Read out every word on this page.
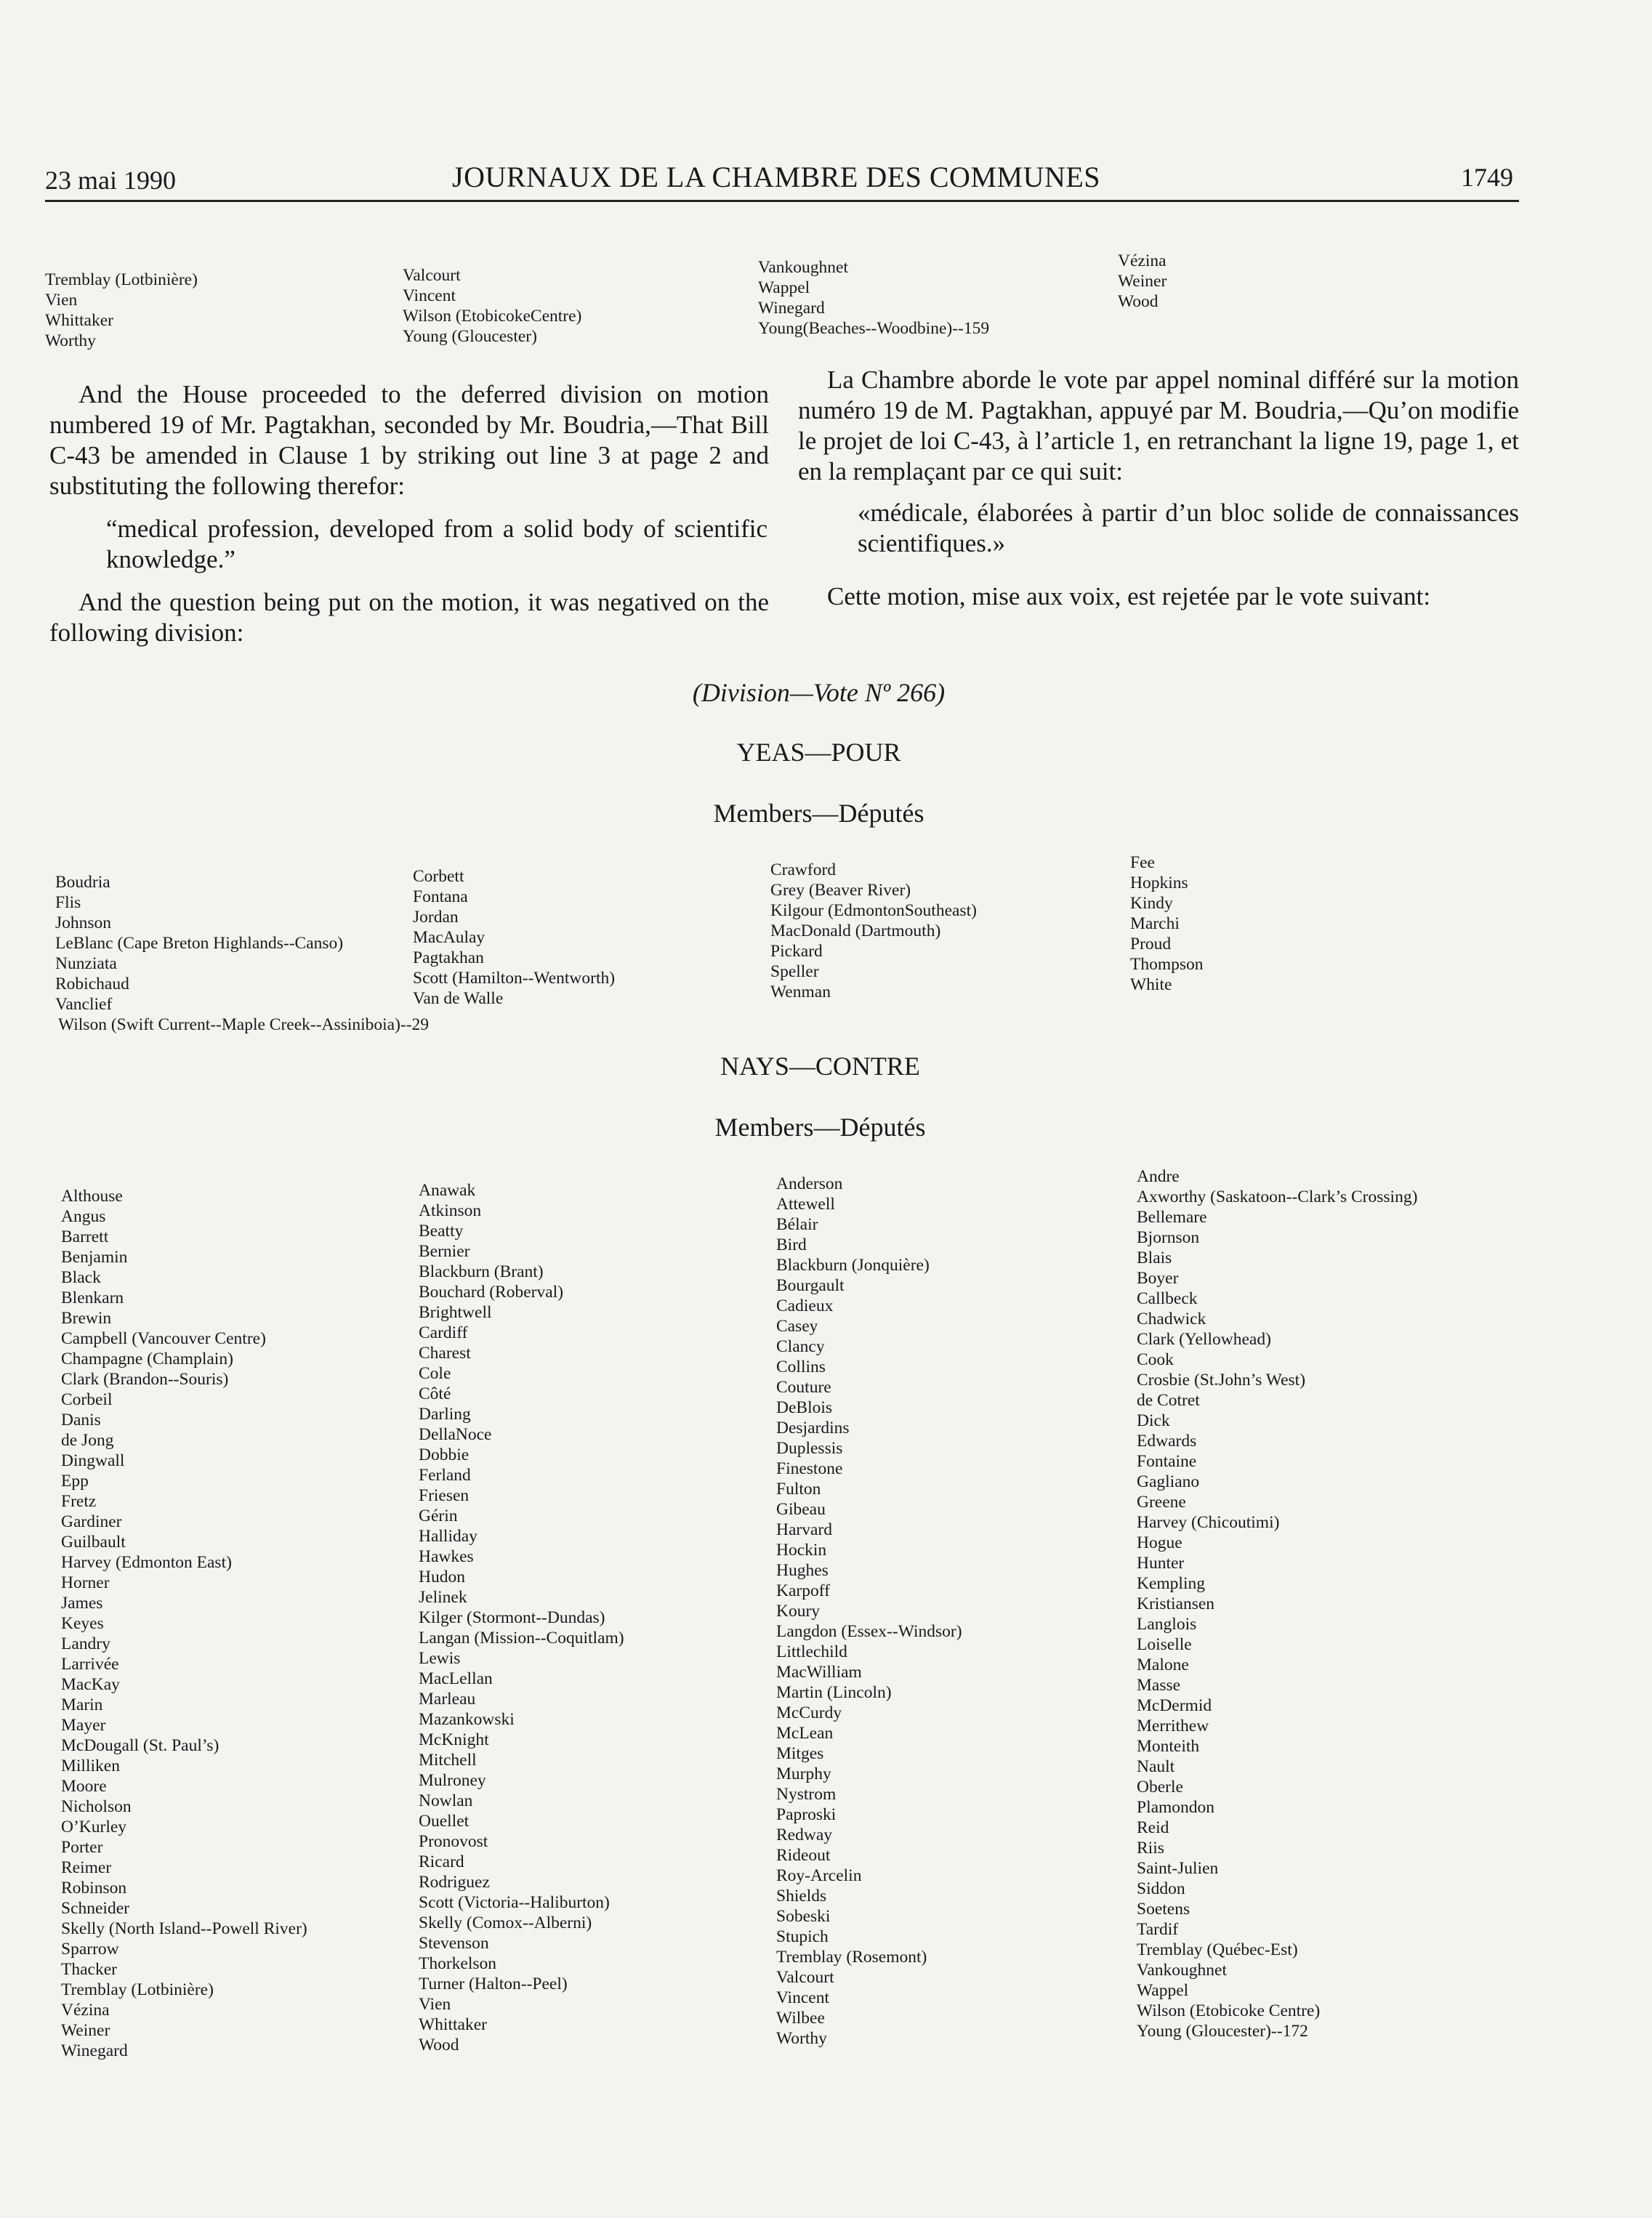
23 mai 1990	JOURNAUX DE LA CHAMBRE DES COMMUNES	1749
Tremblay (Lotbinière)
Vien
Whittaker
Worthy
Valcourt
Vincent
Wilson (EtobicokeCentre)
Young (Gloucester)
Vankoughnet
Wappel
Winegard
Young(Beaches--Woodbine)--159
Vézina
Weiner
Wood

And the House proceeded to the deferred division on motion numbered 19 of Mr. Pagtakhan, seconded by Mr. Boudria,—That Bill C-43 be amended in Clause 1 by striking out line 3 at page 2 and substituting the following therefor:

“medical profession, developed from a solid body of scientific knowledge.”

And the question being put on the motion, it was negatived on the following division:

La Chambre aborde le vote par appel nominal différé sur la motion numéro 19 de M. Pagtakhan, appuyé par M. Boudria,—Qu’on modifie le projet de loi C-43, à l’article 1, en retranchant la ligne 19, page 1, et en la remplaçant par ce qui suit:

«médicale, élaborées à partir d’un bloc solide de connaissances scientifiques.»

Cette motion, mise aux voix, est rejetée par le vote suivant:

(Division—Vote Nº 266)
YEAS—POUR
Members—Députés
Boudria
Flis
Johnson
LeBlanc (Cape Breton Highlands--Canso)
Nunziata
Robichaud
Vanclief
Corbett
Fontana
Jordan
MacAulay
Pagtakhan
Scott (Hamilton--Wentworth)
Van de Walle
Crawford
Grey (Beaver River)
Kilgour (EdmontonSoutheast)
MacDonald (Dartmouth)
Pickard
Speller
Wenman
Fee
Hopkins
Kindy
Marchi
Proud
Thompson
White
Wilson (Swift Current--Maple Creek--Assiniboia)--29
NAYS—CONTRE
Members—Députés
Althouse
Angus
Barrett
Benjamin
Black
Blenkarn
Brewin
Campbell (Vancouver Centre)
Champagne (Champlain)
Clark (Brandon--Souris)
Corbeil
Danis
de Jong
Dingwall
Epp
Fretz
Gardiner
Guilbault
Harvey (Edmonton East)
Horner
James
Keyes
Landry
Larrivée
MacKay
Marin
Mayer
McDougall (St. Paul’s)
Milliken
Moore
Nicholson
O’Kurley
Porter
Reimer
Robinson
Schneider
Skelly (North Island--Powell River)
Sparrow
Thacker
Tremblay (Lotbinière)
Vézina
Weiner
Winegard
Anawak
Atkinson
Beatty
Bernier
Blackburn (Brant)
Bouchard (Roberval)
Brightwell
Cardiff
Charest
Cole
Côté
Darling
DellaNoce
Dobbie
Ferland
Friesen
Gérin
Halliday
Hawkes
Hudon
Jelinek
Kilger (Stormont--Dundas)
Langan (Mission--Coquitlam)
Lewis
MacLellan
Marleau
Mazankowski
McKnight
Mitchell
Mulroney
Nowlan
Ouellet
Pronovost
Ricard
Rodriguez
Scott (Victoria--Haliburton)
Skelly (Comox--Alberni)
Stevenson
Thorkelson
Turner (Halton--Peel)
Vien
Whittaker
Wood
Anderson
Attewell
Bélair
Bird
Blackburn (Jonquière)
Bourgault
Cadieux
Casey
Clancy
Collins
Couture
DeBlois
Desjardins
Duplessis
Finestone
Fulton
Gibeau
Harvard
Hockin
Hughes
Karpoff
Koury
Langdon (Essex--Windsor)
Littlechild
MacWilliam
Martin (Lincoln)
McCurdy
McLean
Mitges
Murphy
Nystrom
Paproski
Redway
Rideout
Roy-Arcelin
Shields
Sobeski
Stupich
Tremblay (Rosemont)
Valcourt
Vincent
Wilbee
Worthy
Andre
Axworthy (Saskatoon--Clark’s Crossing)
Bellemare
Bjornson
Blais
Boyer
Callbeck
Chadwick
Clark (Yellowhead)
Cook
Crosbie (St.John’s West)
de Cotret
Dick
Edwards
Fontaine
Gagliano
Greene
Harvey (Chicoutimi)
Hogue
Hunter
Kempling
Kristiansen
Langlois
Loiselle
Malone
Masse
McDermid
Merrithew
Monteith
Nault
Oberle
Plamondon
Reid
Riis
Saint-Julien
Siddon
Soetens
Tardif
Tremblay (Québec-Est)
Vankoughnet
Wappel
Wilson (Etobicoke Centre)
Young (Gloucester)--172
